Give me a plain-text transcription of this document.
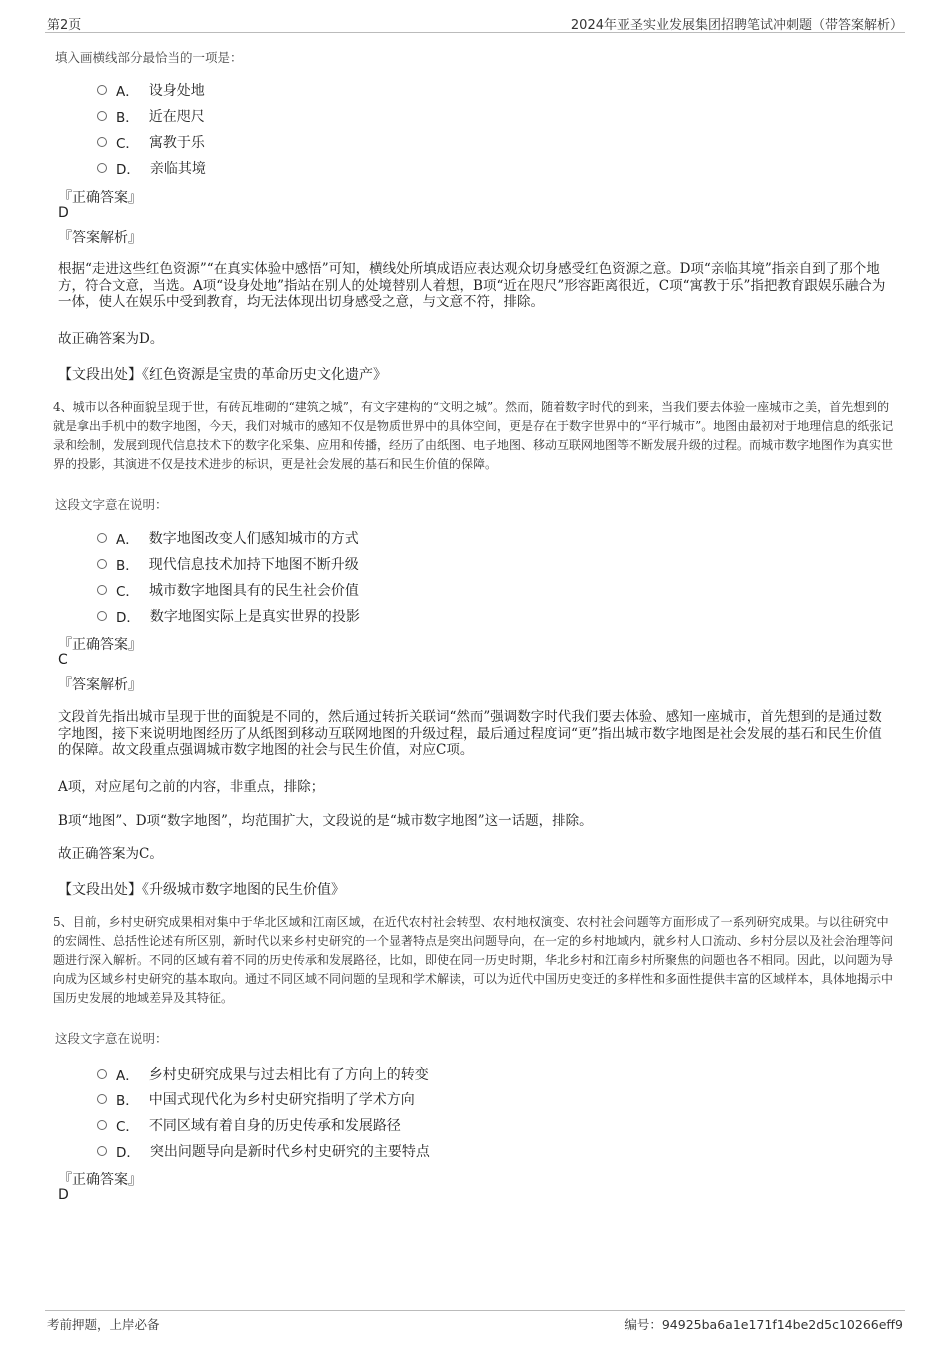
第2页	2024年亚圣实业发展集团招聘笔试冲刺题（带答案解析）
填入画横线部分最恰当的一项是：
A． 设身处地
B． 近在咫尺
C． 寓教于乐
D． 亲临其境
『正确答案』
D
『答案解析』
根据“走进这些红色资源”“在真实体验中感悟”可知，横线处所填成语应表达观众切身感受红色资源之意。D项“亲临其境”指亲自到了那个地方，符合文意，当选。A项“设身处地”指站在别人的处境替别人着想，B项“近在咫尺”形容距离很近，C项“寓教于乐”指把教育跟娱乐融合为一体，使人在娱乐中受到教育，均无法体现出切身感受之意，与文意不符，排除。
故正确答案为D。
【文段出处】《红色资源是宝贵的革命历史文化遗产》
4、城市以各种面貌呈现于世，有砖瓦堆砌的“建筑之城”，有文字建构的“文明之城”。然而，随着数字时代的到来，当我们要去体验一座城市之美，首先想到的就是拿出手机中的数字地图，今天，我们对城市的感知不仅是物质世界中的具体空间，更是存在于数字世界中的“平行城市”。地图由最初对于地理信息的纸张记录和绘制，发展到现代信息技术下的数字化采集、应用和传播，经历了由纸图、电子地图、移动互联网地图等不断发展升级的过程。而城市数字地图作为真实世界的投影，其演进不仅是技术进步的标识，更是社会发展的基石和民生价值的保障。
这段文字意在说明：
A． 数字地图改变人们感知城市的方式
B． 现代信息技术加持下地图不断升级
C． 城市数字地图具有的民生社会价值
D． 数字地图实际上是真实世界的投影
『正确答案』
C
『答案解析』
文段首先指出城市呈现于世的面貌是不同的，然后通过转折关联词“然而”强调数字时代我们要去体验、感知一座城市，首先想到的是通过数字地图，接下来说明地图经历了从纸图到移动互联网地图的升级过程，最后通过程度词“更”指出城市数字地图是社会发展的基石和民生价值的保障。故文段重点强调城市数字地图的社会与民生价值，对应C项。
A项，对应尾句之前的内容，非重点，排除；
B项“地图”、D项“数字地图”，均范围扩大，文段说的是“城市数字地图”这一话题，排除。
故正确答案为C。
【文段出处】《升级城市数字地图的民生价值》
5、目前，乡村史研究成果相对集中于华北区域和江南区域，在近代农村社会转型、农村地权演变、农村社会问题等方面形成了一系列研究成果。与以往研究中的宏阔性、总括性论述有所区别，新时代以来乡村史研究的一个显著特点是突出问题导向，在一定的乡村地域内，就乡村人口流动、乡村分层以及社会治理等问题进行深入解析。不同的区域有着不同的历史传承和发展路径，比如，即使在同一历史时期，华北乡村和江南乡村所聚焦的问题也各不相同。因此，以问题为导向成为区域乡村史研究的基本取向。通过不同区域不同问题的呈现和学术解读，可以为近代中国历史变迁的多样性和多面性提供丰富的区域样本，具体地揭示中国历史发展的地域差异及其特征。
这段文字意在说明：
A． 乡村史研究成果与过去相比有了方向上的转变
B． 中国式现代化为乡村史研究指明了学术方向
C． 不同区域有着自身的历史传承和发展路径
D． 突出问题导向是新时代乡村史研究的主要特点
『正确答案』
D
考前押题，上岸必备	编号：94925ba6a1e171f14be2d5c10266eff9
